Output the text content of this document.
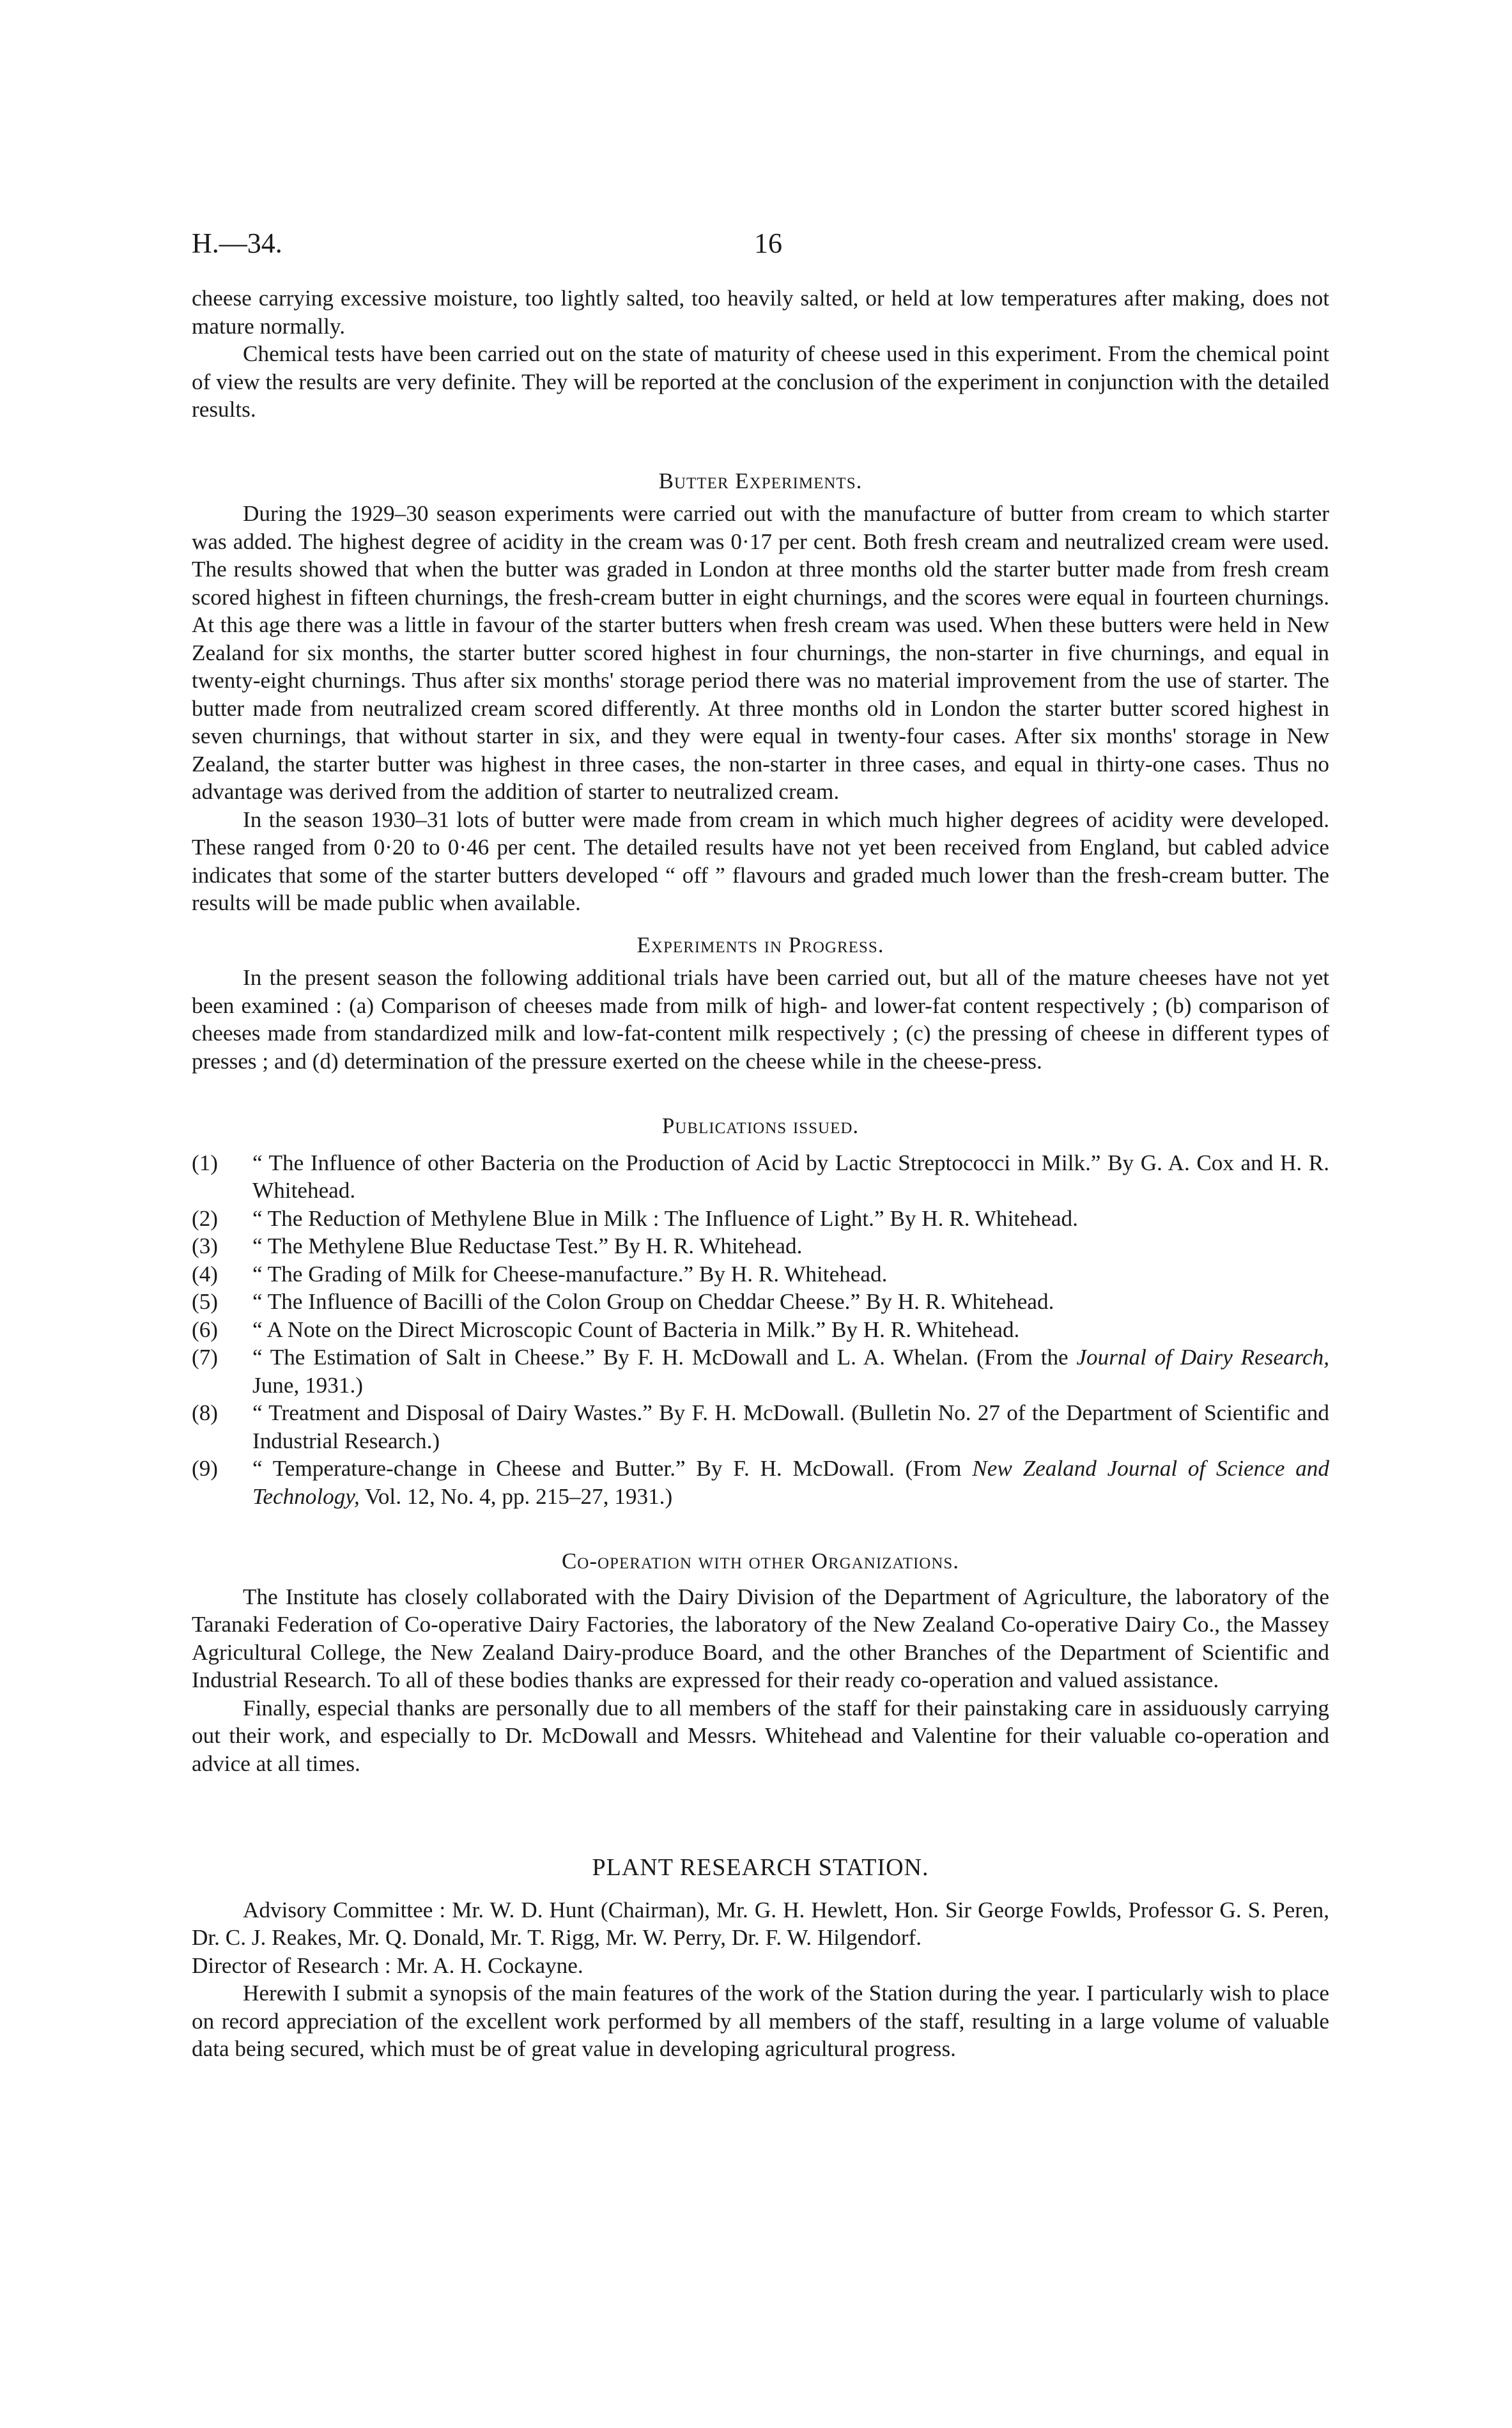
H.—34.	16

cheese carrying excessive moisture, too lightly salted, too heavily salted, or held at low temperatures after making, does not mature normally.

Chemical tests have been carried out on the state of maturity of cheese used in this experiment. From the chemical point of view the results are very definite. They will be reported at the conclusion of the experiment in conjunction with the detailed results.

Butter Experiments.

During the 1929–30 season experiments were carried out with the manufacture of butter from cream to which starter was added. The highest degree of acidity in the cream was 0·17 per cent. Both fresh cream and neutralized cream were used. The results showed that when the butter was graded in London at three months old the starter butter made from fresh cream scored highest in fifteen churnings, the fresh-cream butter in eight churnings, and the scores were equal in fourteen churnings. At this age there was a little in favour of the starter butters when fresh cream was used. When these butters were held in New Zealand for six months, the starter butter scored highest in four churnings, the non-starter in five churnings, and equal in twenty-eight churnings. Thus after six months' storage period there was no material improvement from the use of starter. The butter made from neutralized cream scored differently. At three months old in London the starter butter scored highest in seven churnings, that without starter in six, and they were equal in twenty-four cases. After six months' storage in New Zealand, the starter butter was highest in three cases, the non-starter in three cases, and equal in thirty-one cases. Thus no advantage was derived from the addition of starter to neutralized cream.

In the season 1930–31 lots of butter were made from cream in which much higher degrees of acidity were developed. These ranged from 0·20 to 0·46 per cent. The detailed results have not yet been received from England, but cabled advice indicates that some of the starter butters developed “ off ” flavours and graded much lower than the fresh-cream butter. The results will be made public when available.

Experiments in Progress.

In the present season the following additional trials have been carried out, but all of the mature cheeses have not yet been examined : (a) Comparison of cheeses made from milk of high- and lower-fat content respectively ; (b) comparison of cheeses made from standardized milk and low-fat-content milk respectively ; (c) the pressing of cheese in different types of presses ; and (d) determination of the pressure exerted on the cheese while in the cheese-press.

Publications issued.

(1) “ The Influence of other Bacteria on the Production of Acid by Lactic Streptococci in Milk.” By G. A. Cox and H. R. Whitehead.

(2) “ The Reduction of Methylene Blue in Milk : The Influence of Light.” By H. R. Whitehead.

(3) “ The Methylene Blue Reductase Test.” By H. R. Whitehead.

(4) “ The Grading of Milk for Cheese-manufacture.” By H. R. Whitehead.

(5) “ The Influence of Bacilli of the Colon Group on Cheddar Cheese.” By H. R. Whitehead.

(6) “ A Note on the Direct Microscopic Count of Bacteria in Milk.” By H. R. Whitehead.

(7) “ The Estimation of Salt in Cheese.” By F. H. McDowall and L. A. Whelan. (From the Journal of Dairy Research, June, 1931.)

(8) “ Treatment and Disposal of Dairy Wastes.” By F. H. McDowall. (Bulletin No. 27 of the Department of Scientific and Industrial Research.)

(9) “ Temperature-change in Cheese and Butter.” By F. H. McDowall. (From New Zealand Journal of Science and Technology, Vol. 12, No. 4, pp. 215–27, 1931.)

Co-operation with other Organizations.

The Institute has closely collaborated with the Dairy Division of the Department of Agriculture, the laboratory of the Taranaki Federation of Co-operative Dairy Factories, the laboratory of the New Zealand Co-operative Dairy Co., the Massey Agricultural College, the New Zealand Dairy-produce Board, and the other Branches of the Department of Scientific and Industrial Research. To all of these bodies thanks are expressed for their ready co-operation and valued assistance.

Finally, especial thanks are personally due to all members of the staff for their painstaking care in assiduously carrying out their work, and especially to Dr. McDowall and Messrs. Whitehead and Valentine for their valuable co-operation and advice at all times.

PLANT RESEARCH STATION.

Advisory Committee : Mr. W. D. Hunt (Chairman), Mr. G. H. Hewlett, Hon. Sir George Fowlds, Professor G. S. Peren, Dr. C. J. Reakes, Mr. Q. Donald, Mr. T. Rigg, Mr. W. Perry, Dr. F. W. Hilgendorf.

Director of Research : Mr. A. H. Cockayne.

Herewith I submit a synopsis of the main features of the work of the Station during the year. I particularly wish to place on record appreciation of the excellent work performed by all members of the staff, resulting in a large volume of valuable data being secured, which must be of great value in developing agricultural progress.
